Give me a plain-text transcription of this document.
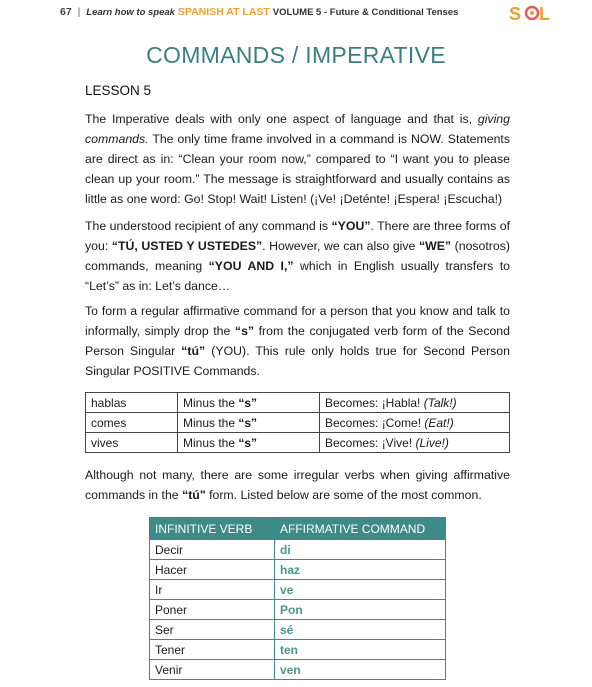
67 | Learn how to speak SPANISH AT LAST VOLUME 5 - Future & Conditional Tenses	S L
COMMANDS / IMPERATIVE
LESSON 5
The Imperative deals with only one aspect of language and that is, giving commands. The only time frame involved in a command is NOW. Statements are direct as in: “Clean your room now,” compared to “I want you to please clean up your room.” The message is straightforward and usually contains as little as one word: Go! Stop! Wait! Listen! (¡Ve! ¡Deténte! ¡Espera! ¡Escucha!)
The understood recipient of any command is “YOU”. There are three forms of you: “TÚ, USTED Y USTEDES”. However, we can also give “WE” (nosotros) commands, meaning “YOU AND I,” which in English usually transfers to “Let’s” as in: Let’s dance…
To form a regular affirmative command for a person that you know and talk to informally, simply drop the “s” from the conjugated verb form of the Second Person Singular “tú” (YOU). This rule only holds true for Second Person Singular POSITIVE Commands.
hablas	Minus the “s”	Becomes: ¡Habla! (Talk!)
comes	Minus the “s”	Becomes: ¡Come! (Eat!)
vives	Minus the “s”	Becomes: ¡Vive! (Live!)
Although not many, there are some irregular verbs when giving affirmative commands in the “tú" form. Listed below are some of the most common.
INFINITIVE VERB	AFFIRMATIVE COMMAND
Decir	di
Hacer	haz
Ir	ve
Poner	Pon
Ser	sé
Tener	ten
Venir	ven
